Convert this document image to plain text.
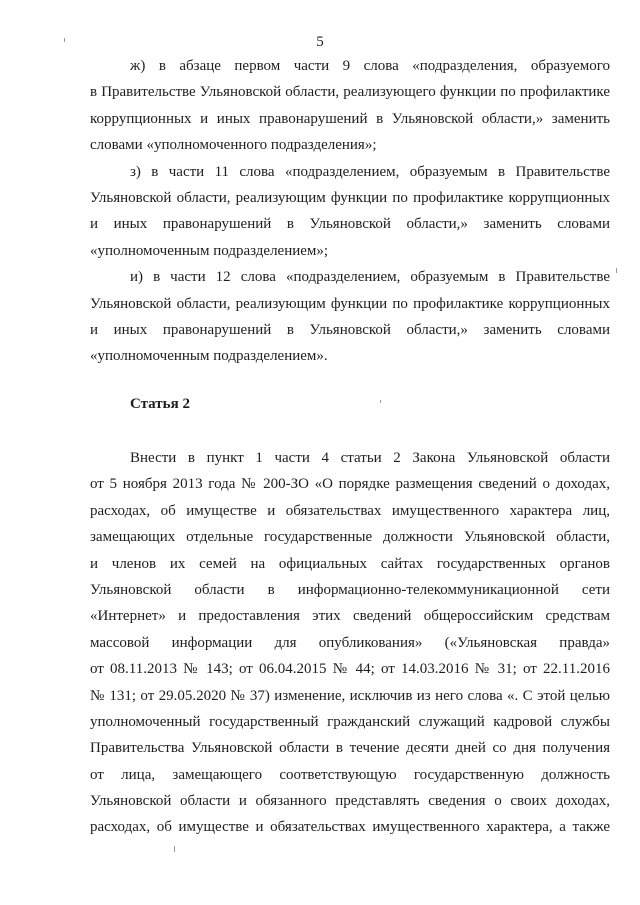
5
ж) в абзаце первом части 9 слова «подразделения, образуемого
в Правительстве Ульяновской области, реализующего функции по профилактике
коррупционных и иных правонарушений в Ульяновской области,» заменить
словами «уполномоченного подразделения»;
з) в части 11 слова «подразделением, образуемым в Правительстве
Ульяновской области, реализующим функции по профилактике коррупционных
и иных правонарушений в Ульяновской области,» заменить словами
«уполномоченным подразделением»;
и) в части 12 слова «подразделением, образуемым в Правительстве
Ульяновской области, реализующим функции по профилактике коррупционных
и иных правонарушений в Ульяновской области,» заменить словами
«уполномоченным подразделением».
Статья 2
Внести в пункт 1 части 4 статьи 2 Закона Ульяновской области
от 5 ноября 2013 года № 200-ЗО «О порядке размещения сведений о доходах,
расходах, об имуществе и обязательствах имущественного характера лиц,
замещающих отдельные государственные должности Ульяновской области,
и членов их семей на официальных сайтах государственных органов
Ульяновской области в информационно-телекоммуникационной сети
«Интернет» и предоставления этих сведений общероссийским средствам
массовой информации для опубликования» («Ульяновская правда»
от 08.11.2013 № 143; от 06.04.2015 № 44; от 14.03.2016 № 31; от 22.11.2016
№ 131; от 29.05.2020 № 37) изменение, исключив из него слова «. С этой целью
уполномоченный государственный гражданский служащий кадровой службы
Правительства Ульяновской области в течение десяти дней со дня получения
от лица, замещающего соответствующую государственную должность
Ульяновской области и обязанного представлять сведения о своих доходах,
расходах, об имуществе и обязательствах имущественного характера, а также
